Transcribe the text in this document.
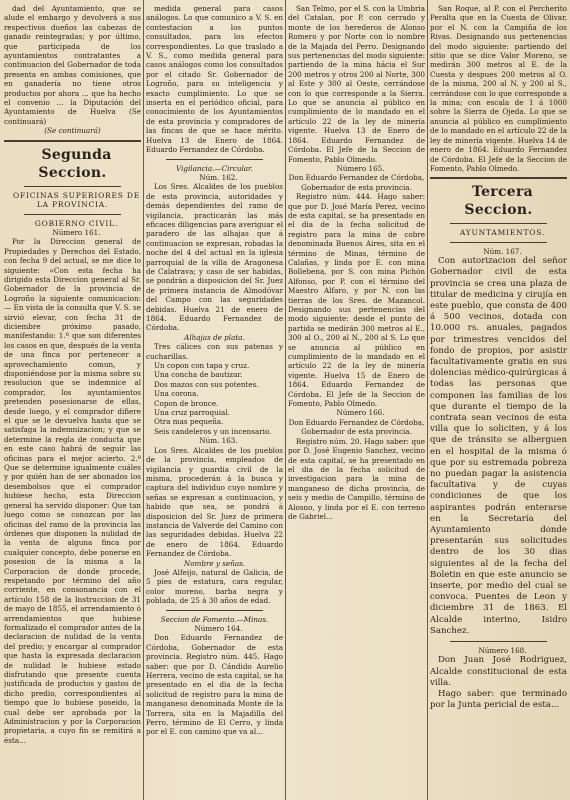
dad del Ayuntamiento, que se alude el embargo y devolverá a sus respectivos dueños las cabezas de ganado reintegradas; y por último, que participada de los ayuntamientos contratantes a continuacion del Gobernador de toda presenta en ambas comisiones, que en ganadería no tiene otros productos por ahora ... que ha hecho el convenio ... la Diputación del Ayuntamiento de Huelva (Se continuará)

(Se continuará)

Segunda Seccion.

OFICINAS SUPERIORES DE LA PROVINCIA.

GOBIERNO CIVIL.

Número 161.

Por la Direccion general de Propiedades y Derechos del Estado, con fecha 9 del actual, se me dice lo siguiente: «Con esta fecha ha dirigido esta Direccion general al Sr. Gobernador de la provincia de Logroño la siguiente comunicacion: — En vista de la consulta que V. S. se sirvió elevar, con fecha 31 de diciembre próximo pasado, manifestando: 1.º que son diferentes los casos en que, después de la venta de una finca por pertenecer a aprovechamiento comun, y disponiéndose por la misma sobre su resolucion que se indemnice al comprador, los ayuntamientos pretenden posesionarse de ellas, desde luego, y el comprador difiere el que se le devuelva hasta que se satisfaga la indemnizacion; y que se determine la regla de conducta que en este caso habrá de seguir las oficinas para el mejor acierto. 2.º Que se determine igualmente cuáles y por quién han de ser abonados los desembolsos que el comprador hubiese hecho, esta Direccion general ha servido disponer: Que tan luego como se conozcan por las oficinas del ramo de la provincia las órdenes que disponen la nulidad de la venta de alguna finca por cualquier concepto, debe ponerse en posesion de la misma a la Corporacion de donde procede, respetando por término del año corriente, en consonancia con el artículo 158 de la Instruccion de 31 de mayo de 1855, el arrendamiento ó arrendamientos que hubiese formalizado el comprador antes de la declaracion de nulidad de la venta del predio; y encargar al comprador que hasta la expresada declaracion de nulidad le hubiese estado disfrutando que presente cuenta justificada de productos y gastos de dicho predio, correspondientes al tiempo que lo hubiese poseido, la cual debe ser aprobada por la Administracion y por la Corporacion propietaria, a cuyo fin se remitirá a ésta...

medida general para casos análogos. Lo que comunico a V. S. en contestacion a los puntos consultados, para los efectos correspondientes. Lo que traslado a V. S., como medida general para casos análogos como los consultados por el citado Sr. Gobernador de Logroño, para su inteligencia y exacto cumplimiento. Lo que se inserta en el periódico oficial, para conocimiento de los Ayuntamientos de esta provincia y compradores de las fincas de que se hace mérito. Huelva 13 de Enero de 1864. Eduardo Fernandez de Córdoba.

Vigilancia.—Circular.

Núm. 162.

Los Sres. Alcaldes de los pueblos de esta provincia, autoridades y demás dependientes del ramo de vigilancia, practicarán las más eficaces diligencias para averiguar el paradero de las alhajas que á continuacion se expresan, robadas la noche del 4 del actual en la iglesia parroquial de la villa de Aragonesa de Calatrava; y caso de ser habidas, se pondrán a disposicion del Sr. Juez de primera instancia de Almodóvar del Campo con las seguridades debidas. Huelva 21 de enero de 1864. Eduardo Fernandez de Córdoba.

Alhajas de plata.

Tres cálices con sus patenas y cucharillas.

Un copon con tapa y cruz.

Una concha de bautizar.

Dos mazos con sus potentes.

Una corona.

Copon de bronce.

Una cruz parroquial.

Otra mas pequeña.

Seis candeleros y un incensario.

Núm. 163.

Los Sres. Alcaldes de los pueblos de la provincia, empleados de vigilancia y guardia civil de la misma, procederán á la busca y captura del individuo cuyo nombre y señas se expresan a continuacion, y habido que sea, se pondrá á disposicion del Sr. Juez de primera instancia de Valverde del Camino con las seguridades debidas. Huelva 22 de enero de 1864. Eduardo Fernandez de Córdoba.

Nombre y señas.

José Alfeijo, natural de Galicia, de 5 pies de estatura, cara regular, color moreno, barba negra y poblada, de 25 á 30 años de edad.

Seccion de Fomento.—Minas.

Número 164.

Don Eduardo Fernandez de Córdoba, Gobernador de esta provincia. Registro núm. 445. Hago saber: que por D. Cándido Aurelio Herrera, vecino de esta capital, se ha presentado en el dia de la fecha solicitud de registro para la mina de manganeso denominada Monte de la Torrera, sita en la Majadilla del Perro, término de El Cerro, y linda por el E. con camino que va al...

San Telmo, por el S. con la Umbria del Catalan, por P. con cerrado y monte de los herederos de Alonso Romero y por Norte con lo nombre de la Majada del Perro. Designando sus pertenencias del modo siguiente: partiendo de la mina hácia el Sur 200 metros y otros 200 al Norte, 300 al Este y 300 al Oeste, cerrándose con lo que corresponde a la Sierra. Lo que se anuncia al público en cumplimiento de lo mandado en el artículo 22 de la ley de minería vigente. Huelva 13 de Enero de 1864. Eduardo Fernandez de Córdoba. El Jefe de la Seccion de Fomento, Pablo Olmedo.

Número 165.

Don Eduardo Fernandez de Córdoba, Gobernador de esta provincia.

Registro núm. 444. Hago saber: que por D. José María Perez, vecino de esta capital, se ha presentado en el dia de la fecha solicitud de registro para la mina de cobre denominada Buenos Aires, sita en el término de Minas, término de Calañas, y linda por E. con mina Bollebena, por S. con mina Pichón Alfonso, por P. con el término del Maestro Alfaro, y por N. con las tierras de los Sres. de Mazancol. Designando sus pertenencias del modo siguiente: desde el punto de partida se medirán 300 metros al E., 300 al O., 200 al N., 200 al S. Lo que se anuncia al público en cumplimiento de lo mandado en el artículo 22 de la ley de minería vigente. Huelva 15 de Enero de 1864. Eduardo Fernandez de Córdoba. El Jefe de la Seccion de Fomento, Pablo Olmedo.

Número 166.

Don Eduardo Fernandez de Córdoba, Gobernador de esta provincia.

Registro núm. 20. Hago saber: que por D. José Eugenio Sanchez, vecino de esta capital, se ha presentado en el dia de la fecha solicitud de investigacion para la mina de manganeso de dicha provincia, de seis y medio de Campillo, término de Alosno, y linda por el E. con terreno de Gabriel...

San Roque, al P. con el Percherito Peralta que en la Cuesta de Olivar, por el N. con la Campiña de los Rivas. Designando sus pertenencias del modo siguiente: partiendo del sitio que se dice Valor Moreno, se medirán 300 metros al E. de la Cuesta y despues 200 metros al O. de la misma, 200 al N. y 200 al S., cerrándose con lo que corresponde a la mina; con escala de 1 á 1000 sobre la Sierra de Ojeda. Lo que se anuncia al público en cumplimiento de lo mandado en el artículo 22 de la ley de minería vigente. Huelva 14 de enero de 1864. Eduardo Fernandez de Córdoba. El Jefe de la Seccion de Fomento, Pablo Olmedo.

Tercera Seccion.

AYUNTAMIENTOS.

Núm. 167.

Con autorizacion del señor Gobernador civil de esta provincia se crea una plaza de titular de medicina y cirujía en este pueblo, que consta de 400 á 500 vecinos, dotada con 10.000 rs. anuales, pagados por trimestres vencidos del fondo de propios, por asistir facultativamente gratis en sus dolencias médico-quirúrgicas á todas las personas que componen las familias de los que durante el tiempo de la contrata sean vecinos de esta villa que lo soliciten, y á los que de tránsito se alberguen en el hospital de la misma ó que por su estremada pobreza no puedan pagar la asistencia facultativa y de cuyas condiciones de que los aspirantes podrán enterarse en la Secretaría del Ayuntamiento donde presentarán sus solicitudes dentro de los 30 dias siguientes al de la fecha del Boletin en que este anuncio se inserte, por medio del cual se convoca. Puentes de Leon y diciembre 31 de 1863. El Alcalde interino, Isidro Sanchez.

Número 168.

Don Juan José Rodriguez, Alcalde constitucional de esta villa.

Hago saber: que terminado por la Junta pericial de esta...
